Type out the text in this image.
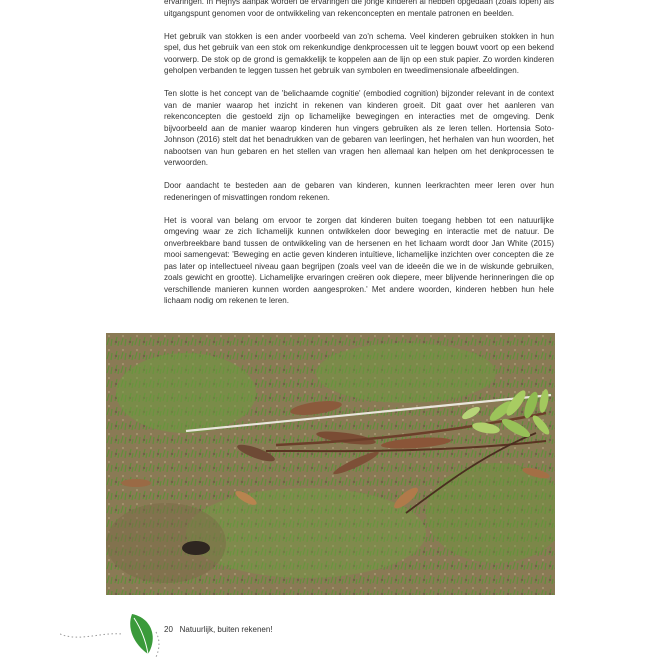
ervaringen. In Hejnýs aanpak worden de ervaringen die jonge kinderen al hebben opgedaan (zoals lopen) als uitgangspunt genomen voor de ontwikkeling van rekenconcepten en mentale patronen en beelden.

Het gebruik van stokken is een ander voorbeeld van zo'n schema. Veel kinderen gebruiken stokken in hun spel, dus het gebruik van een stok om rekenkundige denkprocessen uit te leggen bouwt voort op een bekend voorwerp. De stok op de grond is gemakkelijk te koppelen aan de lijn op een stuk papier. Zo worden kinderen geholpen verbanden te leggen tussen het gebruik van symbolen en tweedimensionale afbeeldingen.

Ten slotte is het concept van de 'belichaamde cognitie' (embodied cognition) bijzonder relevant in de context van de manier waarop het inzicht in rekenen van kinderen groeit. Dit gaat over het aanleren van rekenconcepten die gestoeld zijn op lichamelijke bewegingen en interacties met de omgeving. Denk bijvoorbeeld aan de manier waarop kinderen hun vingers gebruiken als ze leren tellen. Hortensia Soto-Johnson (2016) stelt dat het benadrukken van de gebaren van leerlingen, het herhalen van hun woorden, het nabootsen van hun gebaren en het stellen van vragen hen allemaal kan helpen om het denkprocessen te verwoorden.

Door aandacht te besteden aan de gebaren van kinderen, kunnen leerkrachten meer leren over hun redeneringen of misvattingen rondom rekenen.

Het is vooral van belang om ervoor te zorgen dat kinderen buiten toegang hebben tot een natuurlijke omgeving waar ze zich lichamelijk kunnen ontwikkelen door beweging en interactie met de natuur. De onverbreekbare band tussen de ontwikkeling van de hersenen en het lichaam wordt door Jan White (2015) mooi samengevat: 'Beweging en actie geven kinderen intuïtieve, lichamelijke inzichten over concepten die ze pas later op intellectueel niveau gaan begrijpen (zoals veel van de ideeën die we in de wiskunde gebruiken, zoals gewicht en grootte). Lichamelijke ervaringen creëren ook diepere, meer blijvende herinneringen die op verschillende manieren kunnen worden aangesproken.' Met andere woorden, kinderen hebben hun hele lichaam nodig om rekenen te leren.

20 Natuurlijk, buiten rekenen!
